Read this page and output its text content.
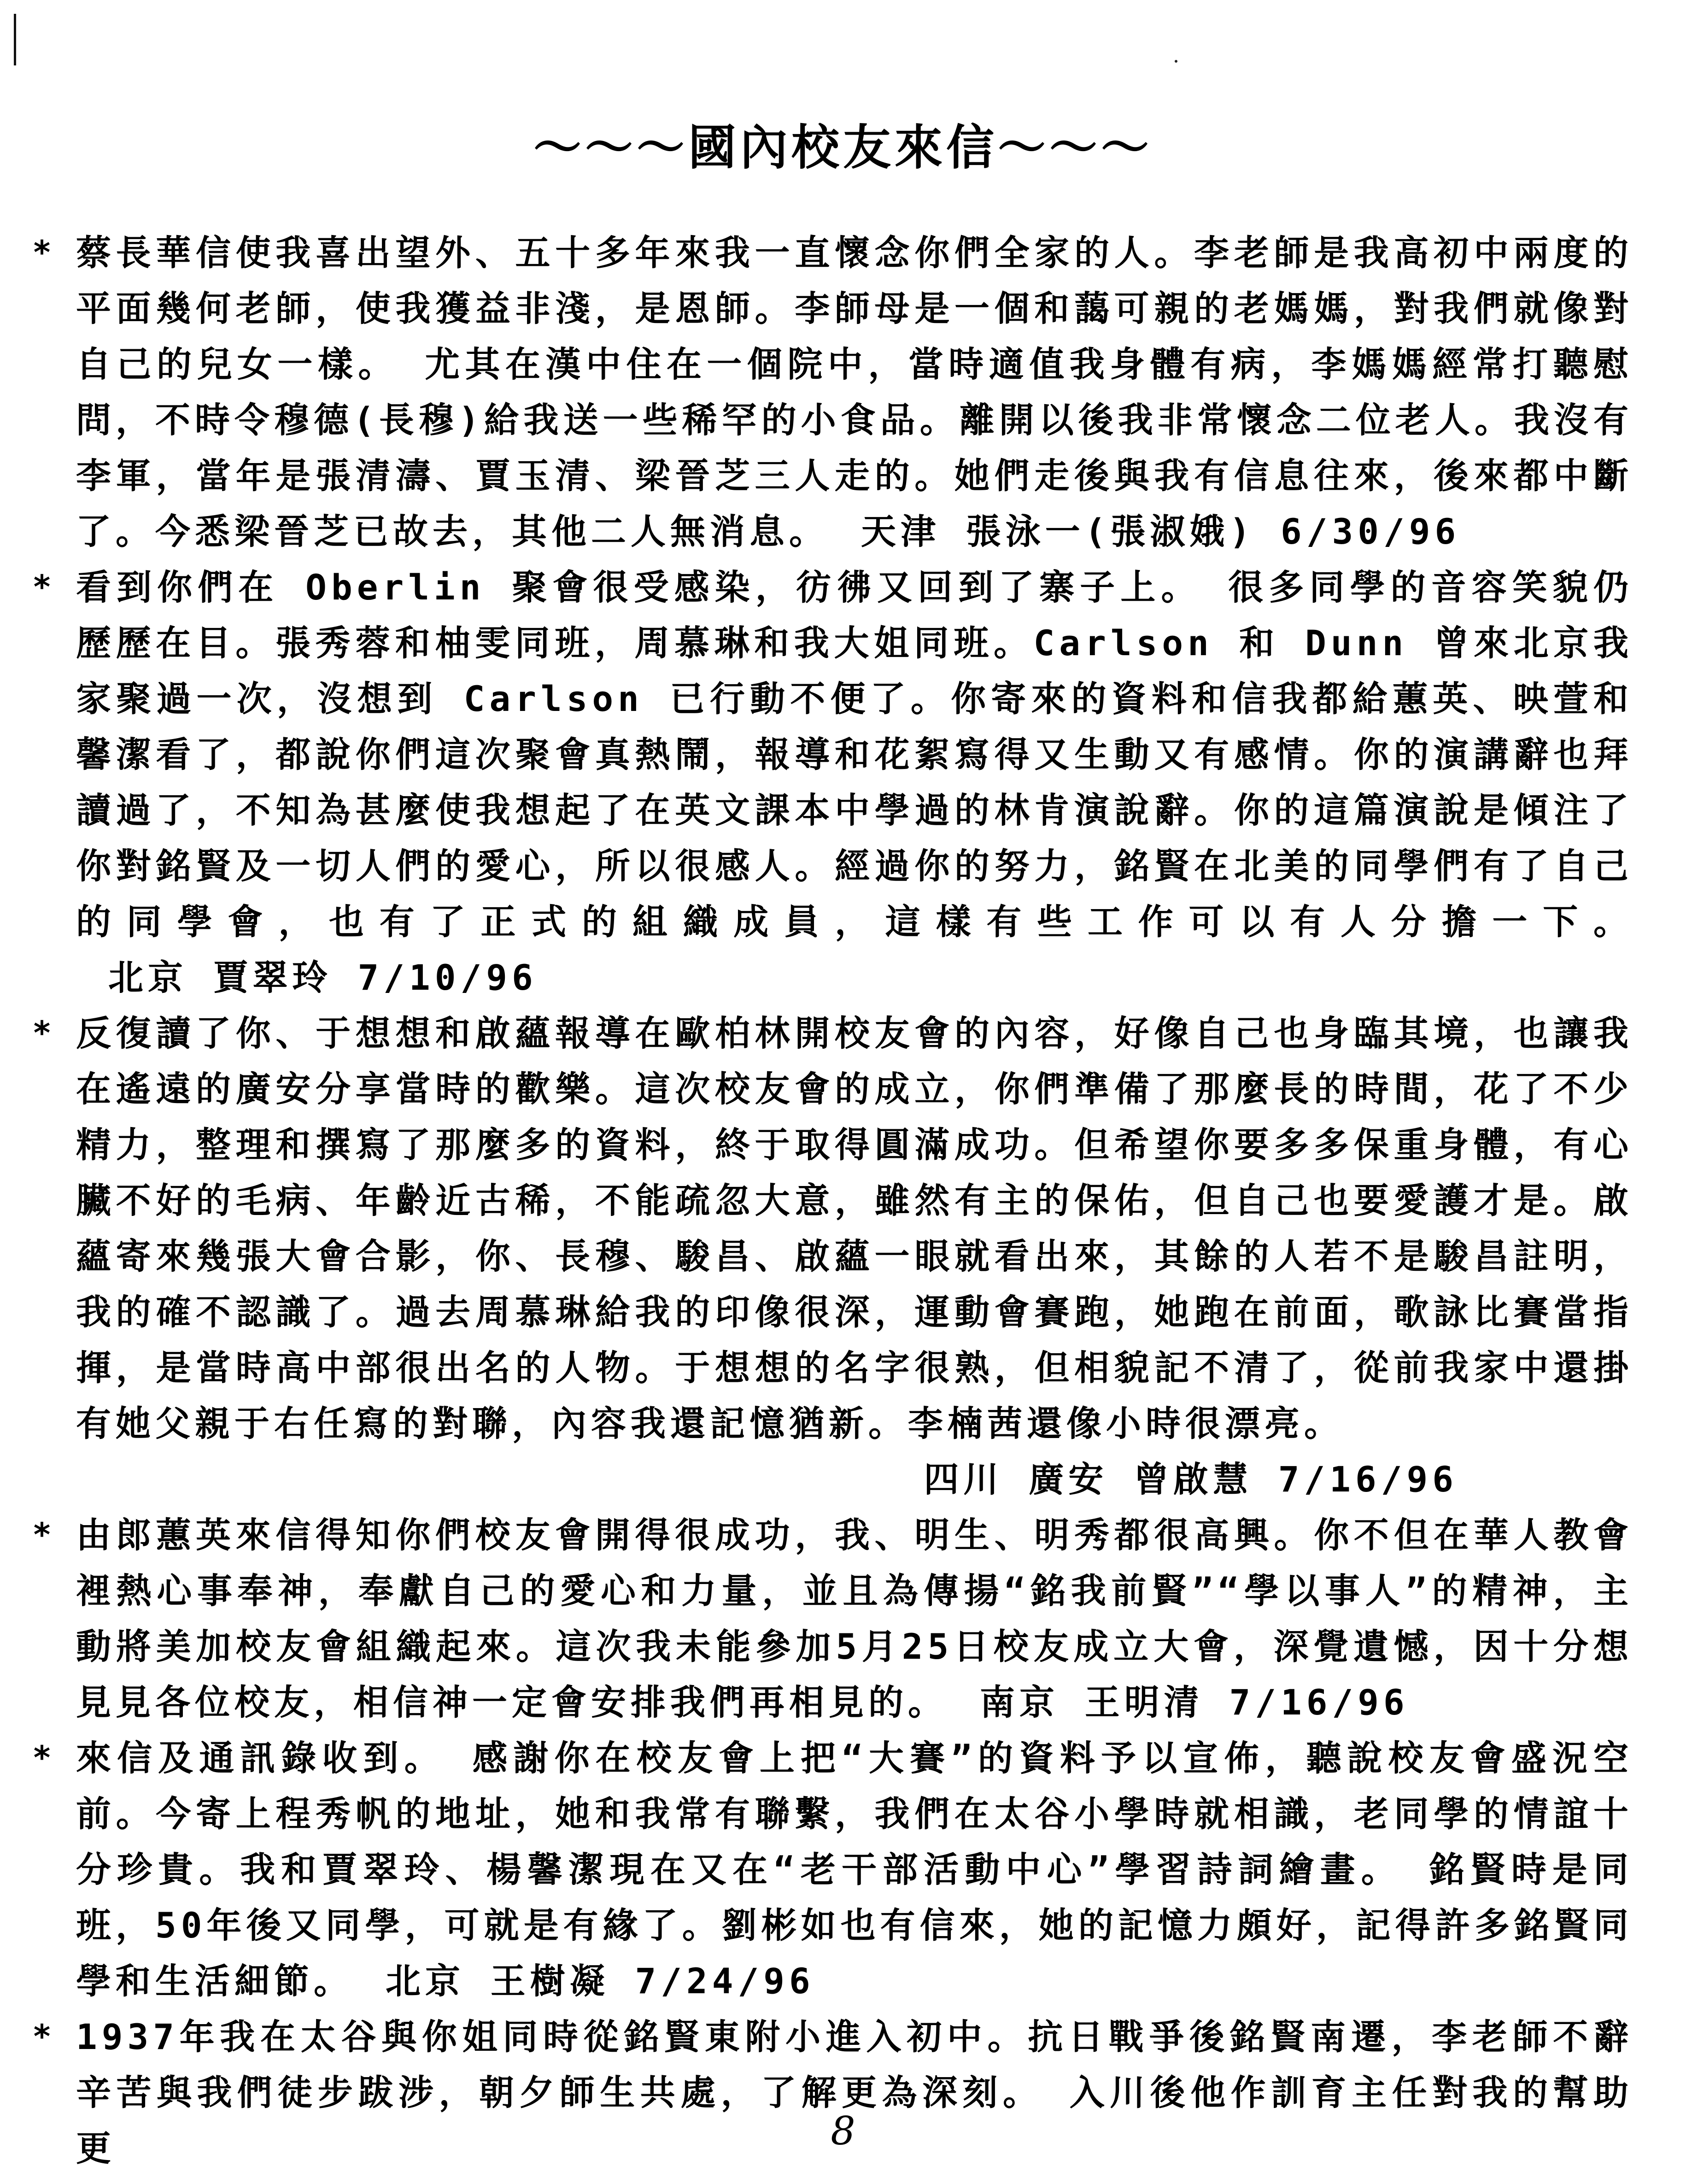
～～～國內校友來信～～～
* 蔡長華信使我喜出望外、五十多年來我一直懷念你們全家的人。李老師是我高初中兩度的平面幾何老師，使我獲益非淺，是恩師。李師母是一個和藹可親的老媽媽，對我們就像對自己的兒女一樣。 尤其在漢中住在一個院中，當時適值我身體有病，李媽媽經常打聽慰問，不時令穆德(長穆)給我送一些稀罕的小食品。離開以後我非常懷念二位老人。我沒有李軍，當年是張清濤、賈玉清、梁晉芝三人走的。她們走後與我有信息往來，後來都中斷了。今悉梁晉芝已故去，其他二人無消息。 天津 張泳一(張淑娥) 6/30/96
* 看到你們在 Oberlin 聚會很受感染，彷彿又回到了寨子上。 很多同學的音容笑貌仍歷歷在目。張秀蓉和柚雯同班，周慕琳和我大姐同班。Carlson 和 Dunn 曾來北京我家聚過一次，沒想到 Carlson 已行動不便了。你寄來的資料和信我都給蕙英、映萱和馨潔看了，都說你們這次聚會真熱鬧，報導和花絮寫得又生動又有感情。你的演講辭也拜讀過了，不知為甚麼使我想起了在英文課本中學過的林肯演說辭。你的這篇演說是傾注了你對銘賢及一切人們的愛心，所以很感人。經過你的努力，銘賢在北美的同學們有了自己的同學會，也有了正式的組織成員，這樣有些工作可以有人分擔一下。北京 賈翠玲 7/10/96
* 反復讀了你、于想想和啟蘊報導在歐柏林開校友會的內容，好像自己也身臨其境，也讓我在遙遠的廣安分享當時的歡樂。這次校友會的成立，你們準備了那麼長的時間，花了不少精力，整理和撰寫了那麼多的資料，終于取得圓滿成功。但希望你要多多保重身體，有心臟不好的毛病、年齡近古稀，不能疏忽大意，雖然有主的保佑，但自己也要愛護才是。啟蘊寄來幾張大會合影，你、長穆、駿昌、啟蘊一眼就看出來，其餘的人若不是駿昌註明，我的確不認識了。過去周慕琳給我的印像很深，運動會賽跑，她跑在前面，歌詠比賽當指揮，是當時高中部很出名的人物。于想想的名字很熟，但相貌記不清了，從前我家中還掛有她父親于右任寫的對聯，內容我還記憶猶新。李楠茜還像小時很漂亮。
四川 廣安 曾啟慧 7/16/96
* 由郎蕙英來信得知你們校友會開得很成功，我、明生、明秀都很高興。你不但在華人教會裡熱心事奉神，奉獻自己的愛心和力量，並且為傳揚“銘我前賢”“學以事人”的精神，主動將美加校友會組織起來。這次我未能參加5月25日校友成立大會，深覺遺憾，因十分想見見各位校友，相信神一定會安排我們再相見的。 南京 王明清 7/16/96
* 來信及通訊錄收到。 感謝你在校友會上把“大賽”的資料予以宣佈，聽說校友會盛況空前。今寄上程秀帆的地址，她和我常有聯繫，我們在太谷小學時就相識，老同學的情誼十分珍貴。我和賈翠玲、楊馨潔現在又在“老干部活動中心”學習詩詞繪畫。 銘賢時是同班，50年後又同學，可就是有緣了。劉彬如也有信來，她的記憶力頗好，記得許多銘賢同學和生活細節。 北京 王樹凝 7/24/96
* 1937年我在太谷與你姐同時從銘賢東附小進入初中。抗日戰爭後銘賢南遷，李老師不辭辛苦與我們徒步跋涉，朝夕師生共處，了解更為深刻。 入川後他作訓育主任對我的幫助更	8
